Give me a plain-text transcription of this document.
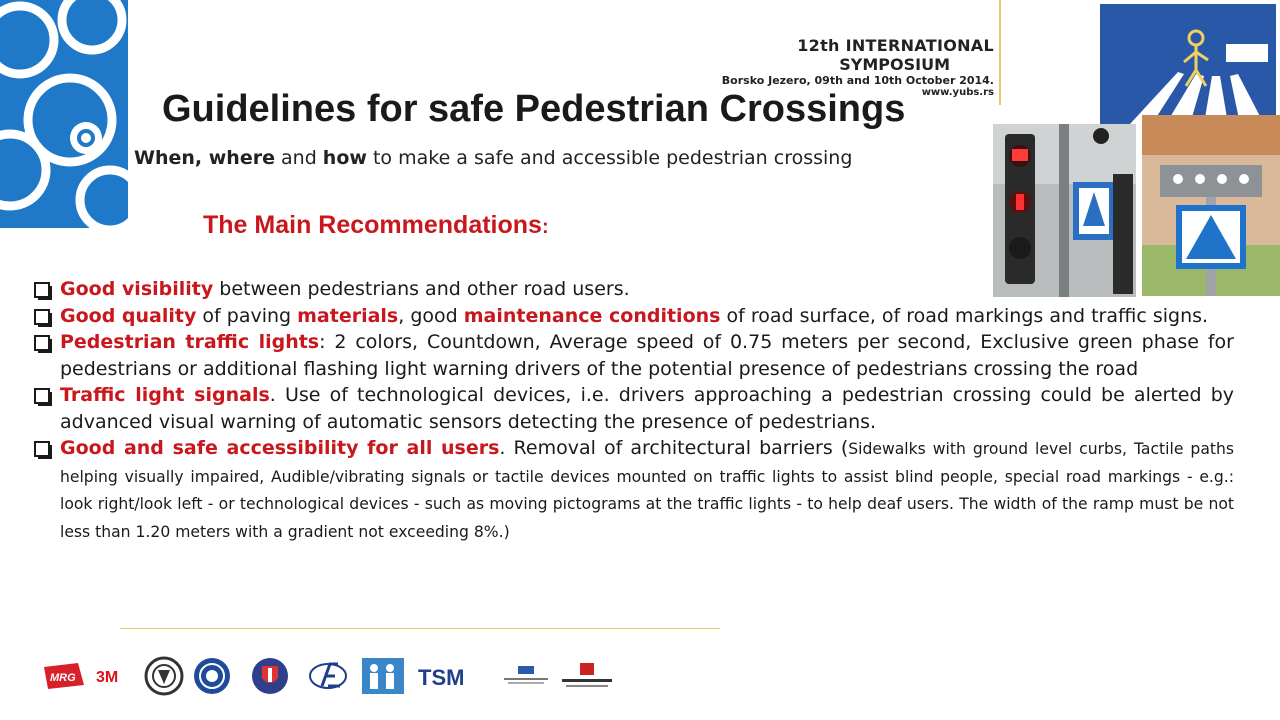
12th INTERNATIONAL
SYMPOSIUM
Borsko Jezero, 09th and 10th October 2014.
www.yubs.rs
Guidelines for safe Pedestrian Crossings
When, where and how to make a safe and accessible pedestrian crossing
The Main Recommendations:
Good visibility between pedestrians and other road users.
Good quality of paving materials, good maintenance conditions of road surface, of road markings and traffic signs.
Pedestrian traffic lights: 2 colors, Countdown, Average speed of 0.75 meters per second, Exclusive green phase for pedestrians or additional flashing light warning drivers of the potential presence of pedestrians crossing the road
Traffic light signals. Use of technological devices, i.e. drivers approaching a pedestrian crossing could be alerted by advanced visual warning of automatic sensors detecting the presence of pedestrians.
Good and safe accessibility for all users. Removal of architectural barriers (Sidewalks with ground level curbs, Tactile paths helping visually impaired, Audible/vibrating signals or tactile devices mounted on traffic lights to assist blind people, special road markings - e.g.: look right/look left - or technological devices - such as moving pictograms at the traffic lights - to help deaf users. The width of the ramp must be not less than 1.20 meters with a gradient not exceeding 8%.)
MRG 3M	TSM
